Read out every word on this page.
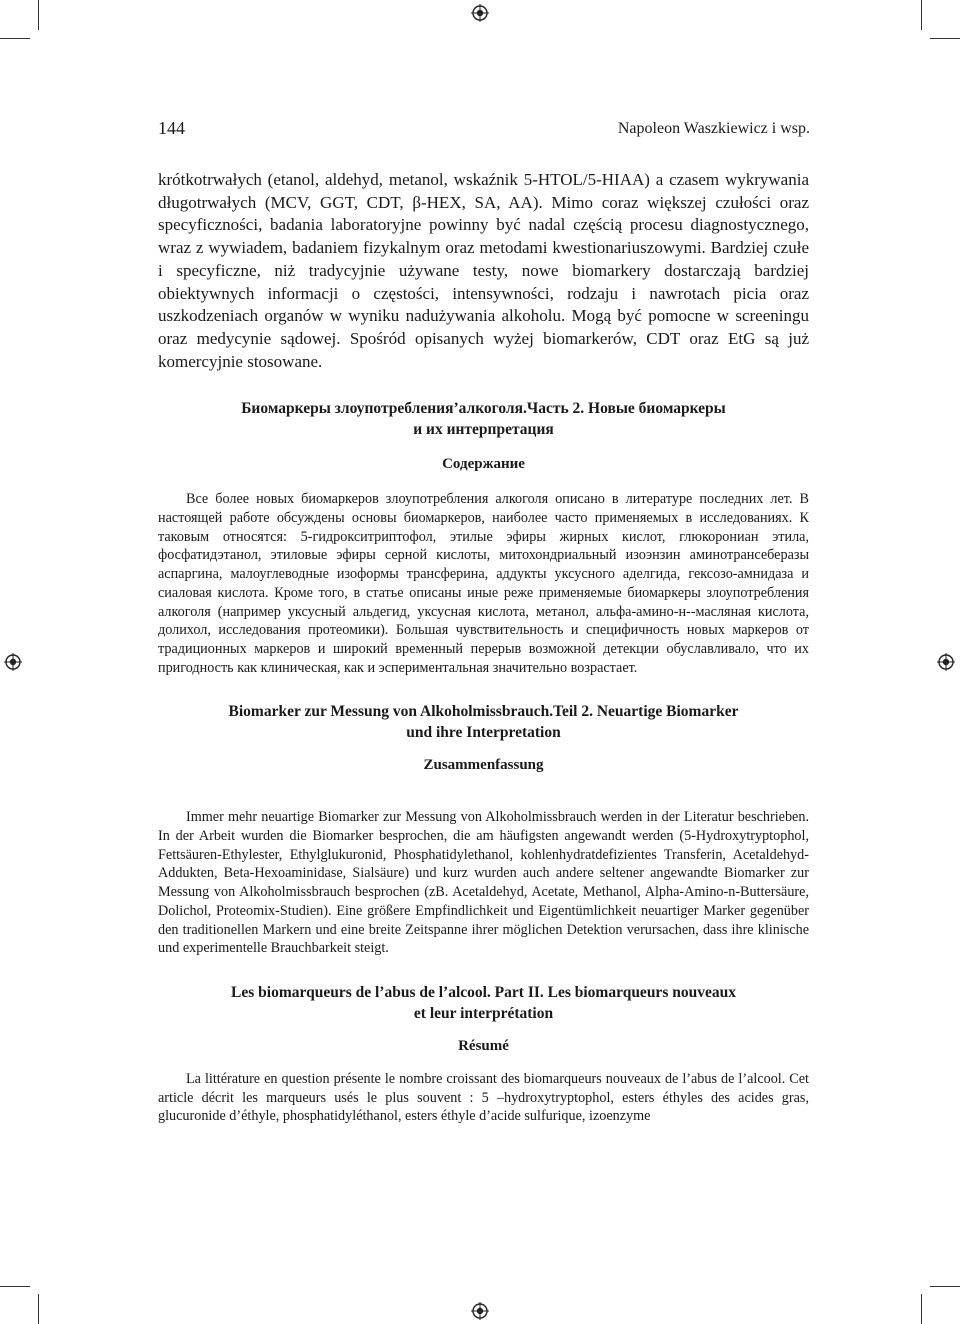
144	Napoleon Waszkiewicz i wsp.

krótkotrwałych (etanol, aldehyd, metanol, wskaźnik 5-HTOL/5-HIAA) a czasem wykrywania długotrwałych (MCV, GGT, CDT, β-HEX, SA, AA). Mimo coraz większej czułości oraz specyficzności, badania laboratoryjne powinny być nadal częścią procesu diagnostycznego, wraz z wywiadem, badaniem fizykalnym oraz metodami kwestionariuszowymi. Bardziej czułe i specyficzne, niż tradycyjnie używane testy, nowe biomarkery dostarczają bardziej obiektywnych informacji o częstości, intensywności, rodzaju i nawrotach picia oraz uszkodzeniach organów w wyniku nadużywania alkoholu. Mogą być pomocne w screeningu oraz medycynie sądowej. Spośród opisanych wyżej biomarkerów, CDT oraz EtG są już komercyjnie stosowane.

Биомаркеры злоупотребления’алкоголя.Часть 2. Новые биомаркеры

и их интерпретация

Содержание

Все более новых биомаркеров злоупотребления алкоголя описано в литературе последних лет. В настоящей работе обсуждены основы биомаркеров, наиболее часто применяемых в исследованиях. К таковым относятся: 5-гидрокситриптофол, этилые эфиры жирных кислот, глюкорониан этила, фосфатидэтанол, этиловые эфиры серной кислоты, митохондриальный изоэнзин аминотрансеберазы аспаргина, малоуглеводные изоформы трансферина, аддукты уксусного аделгида, гексозо-амнидаза и сиаловая кислота. Кроме того, в статье описаны иные реже применяемые биомаркеры злоупотребления алкоголя (например уксусный альдегид, уксусная кислота, метанол, альфа-амино-н--масляная кислота, долихол, исследования протеомики). Большая чувствительность и специфичность новых маркеров от традиционных маркеров и широкий временный перерыв возможной детекции обуславливало, что их пригодность как клиническая, как и эспериментальная значительно возрастает.

Biomarker zur Messung von Alkoholmissbrauch.Teil 2. Neuartige Biomarker

und ihre Interpretation

Zusammenfassung

Immer mehr neuartige Biomarker zur Messung von Alkoholmissbrauch werden in der Literatur beschrieben. In der Arbeit wurden die Biomarker besprochen, die am häufigsten angewandt werden (5-Hydroxytryptophol, Fettsäuren-Ethylester, Ethylglukuronid, Phosphatidylethanol, kohlenhydratdefizientes Transferin, Acetaldehyd-Addukten, Beta-Hexoaminidase, Sialsäure) und kurz wurden auch andere seltener angewandte Biomarker zur Messung von Alkoholmissbrauch besprochen (zB. Acetaldehyd, Acetate, Methanol, Alpha-Amino-n-Buttersäure, Dolichol, Proteomix-Studien). Eine größere Empfindlichkeit und Eigentümlichkeit neuartiger Marker gegenüber den traditionellen Markern und eine breite Zeitspanne ihrer möglichen Detektion verursachen, dass ihre klinische und experimentelle Brauchbarkeit steigt.

Les biomarqueurs de l’abus de l’alcool. Part II. Les biomarqueurs nouveaux

et leur interprétation

Résumé

La littérature en question présente le nombre croissant des biomarqueurs nouveaux de l’abus de l’alcool. Cet article décrit les marqueurs usés le plus souvent : 5 –hydroxytryptophol, esters éthyles des acides gras, glucuronide d’éthyle, phosphatidyléthanol, esters éthyle d’acide sulfurique, izoenzyme
